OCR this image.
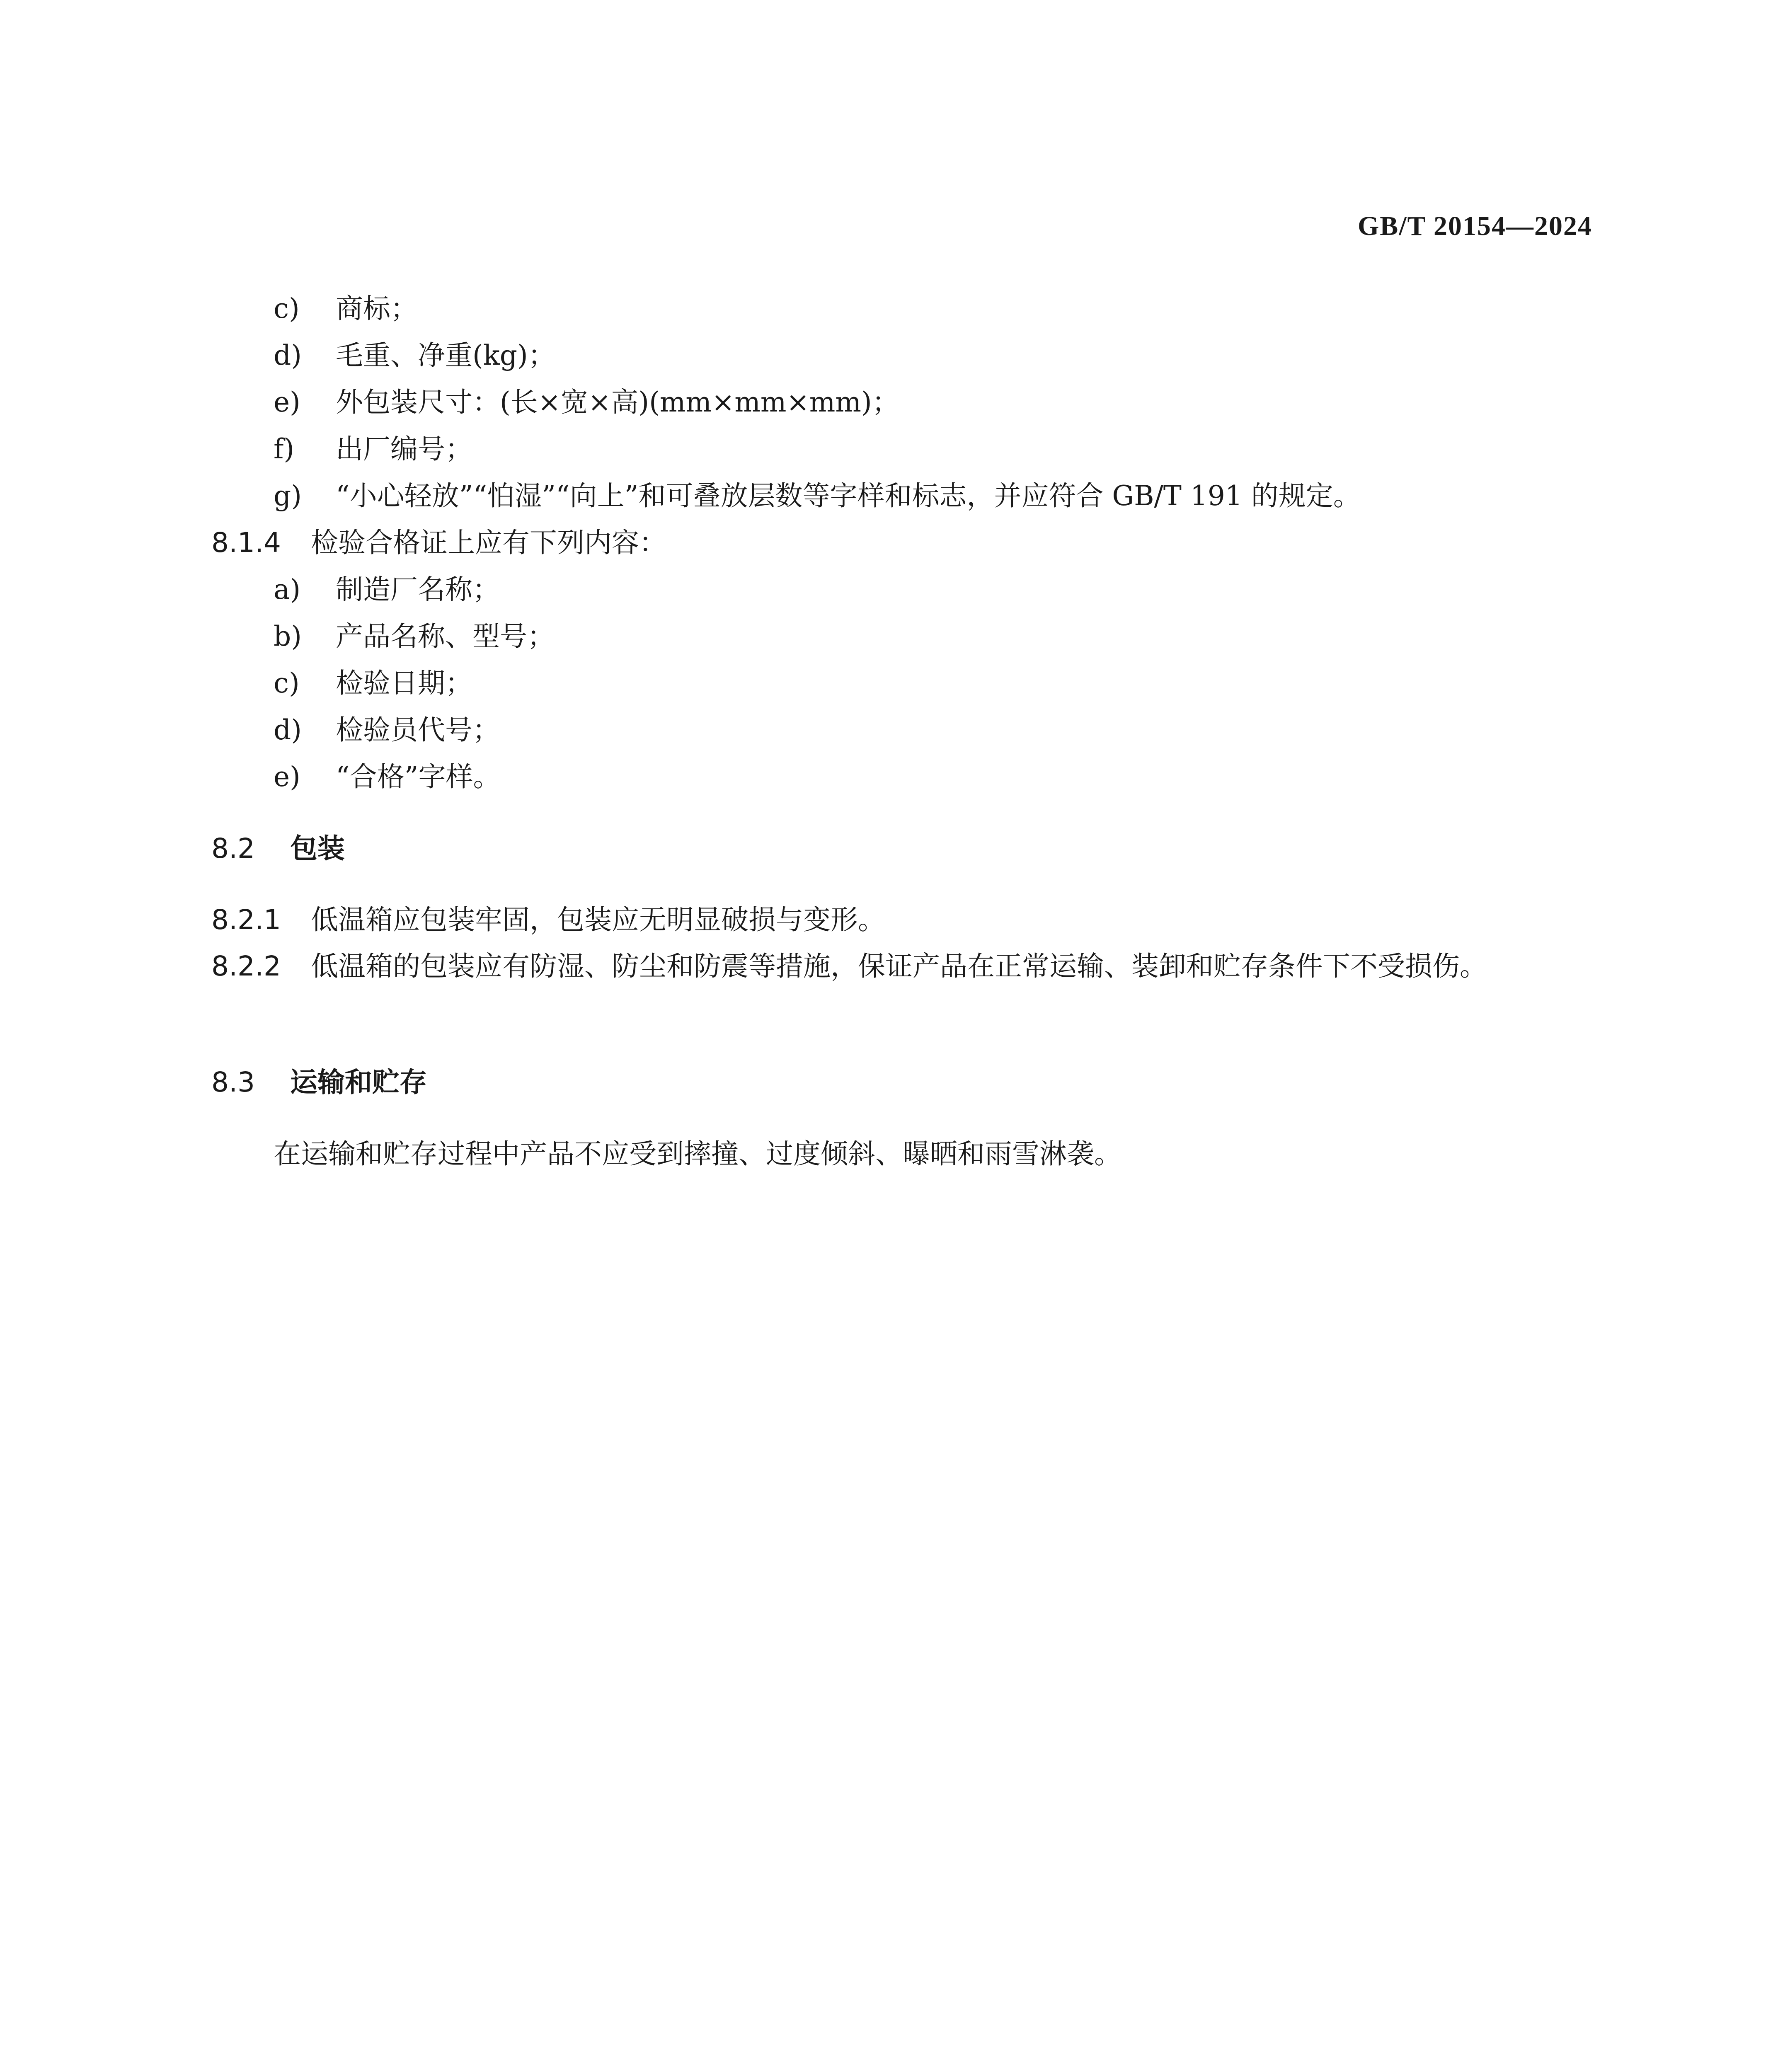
GB/T 20154—2024
c) 商标；
d) 毛重、净重(kg)；
e) 外包装尺寸：(长×宽×高)(mm×mm×mm)；
f) 出厂编号；
g) “小心轻放”“怕湿”“向上”和可叠放层数等字样和标志，并应符合 GB/T 191 的规定。
8.1.4 检验合格证上应有下列内容：
a) 制造厂名称；
b) 产品名称、型号；
c) 检验日期；
d) 检验员代号；
e) “合格”字样。
8.2 包装
8.2.1 低温箱应包装牢固，包装应无明显破损与变形。
8.2.2 低温箱的包装应有防湿、防尘和防震等措施，保证产品在正常运输、装卸和贮存条件下不受损伤。
8.3 运输和贮存
在运输和贮存过程中产品不应受到摔撞、过度倾斜、曝晒和雨雪淋袭。
